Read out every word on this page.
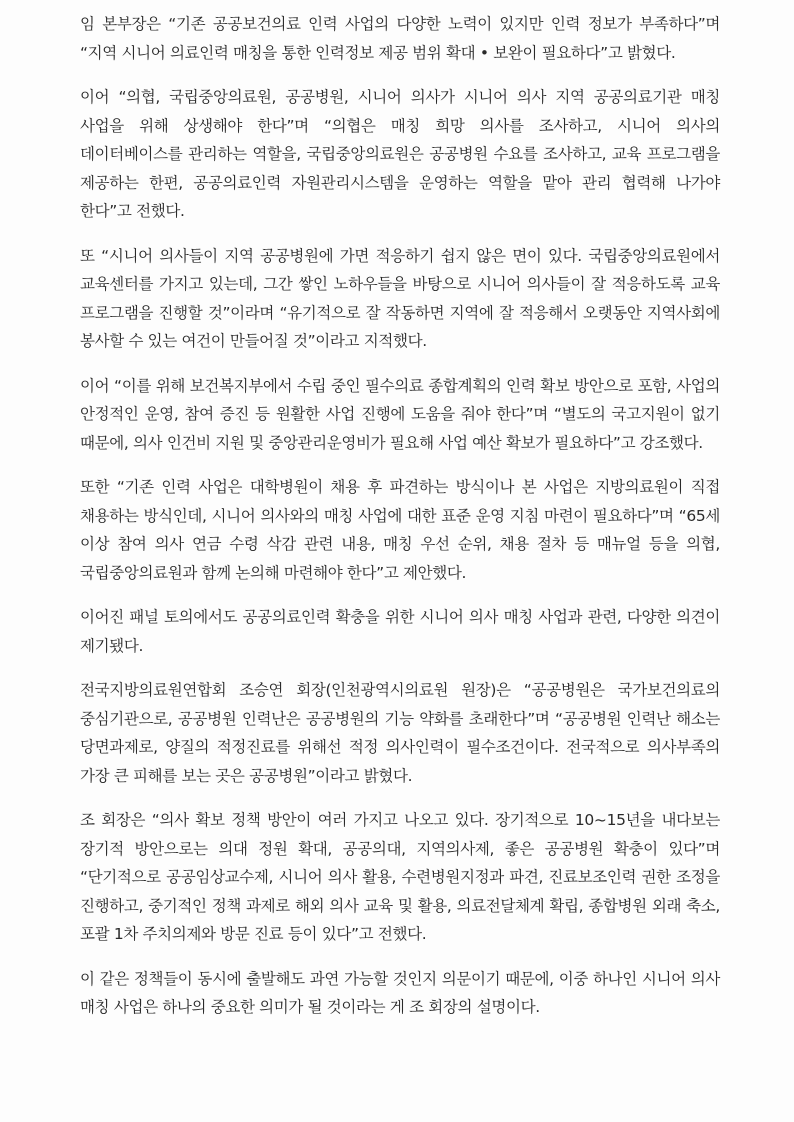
임 본부장은 “기존 공공보건의료 인력 사업의 다양한 노력이 있지만 인력 정보가 부족하다”며 “지역 시니어 의료인력 매칭을 통한 인력정보 제공 범위 확대 • 보완이 필요하다”고 밝혔다.

이어 “의협, 국립중앙의료원, 공공병원, 시니어 의사가 시니어 의사 지역 공공의료기관 매칭 사업을 위해 상생해야 한다”며 “의협은 매칭 희망 의사를 조사하고, 시니어 의사의 데이터베이스를 관리하는 역할을, 국립중앙의료원은 공공병원 수요를 조사하고, 교육 프로그램을 제공하는 한편, 공공의료인력 자원관리시스템을 운영하는 역할을 맡아 관리 협력해 나가야 한다”고 전했다.

또 “시니어 의사들이 지역 공공병원에 가면 적응하기 쉽지 않은 면이 있다. 국립중앙의료원에서 교육센터를 가지고 있는데, 그간 쌓인 노하우들을 바탕으로 시니어 의사들이 잘 적응하도록 교육 프로그램을 진행할 것”이라며 “유기적으로 잘 작동하면 지역에 잘 적응해서 오랫동안 지역사회에 봉사할 수 있는 여건이 만들어질 것”이라고 지적했다.

이어 “이를 위해 보건복지부에서 수립 중인 필수의료 종합계획의 인력 확보 방안으로 포함, 사업의 안정적인 운영, 참여 증진 등 원활한 사업 진행에 도움을 줘야 한다”며 “별도의 국고지원이 없기 때문에, 의사 인건비 지원 및 중앙관리운영비가 필요해 사업 예산 확보가 필요하다”고 강조했다.

또한 “기존 인력 사업은 대학병원이 채용 후 파견하는 방식이나 본 사업은 지방의료원이 직접 채용하는 방식인데, 시니어 의사와의 매칭 사업에 대한 표준 운영 지침 마련이 필요하다”며 “65세 이상 참여 의사 연금 수령 삭감 관련 내용, 매칭 우선 순위, 채용 절차 등 매뉴얼 등을 의협, 국립중앙의료원과 함께 논의해 마련해야 한다”고 제안했다.

이어진 패널 토의에서도 공공의료인력 확충을 위한 시니어 의사 매칭 사업과 관련, 다양한 의견이 제기됐다.

전국지방의료원연합회 조승연 회장(인천광역시의료원 원장)은 “공공병원은 국가보건의료의 중심기관으로, 공공병원 인력난은 공공병원의 기능 약화를 초래한다”며 “공공병원 인력난 해소는 당면과제로, 양질의 적정진료를 위해선 적정 의사인력이 필수조건이다. 전국적으로 의사부족의 가장 큰 피해를 보는 곳은 공공병원”이라고 밝혔다.

조 회장은 “의사 확보 정책 방안이 여러 가지고 나오고 있다. 장기적으로 10~15년을 내다보는 장기적 방안으로는 의대 정원 확대, 공공의대, 지역의사제, 좋은 공공병원 확충이 있다”며 “단기적으로 공공임상교수제, 시니어 의사 활용, 수련병원지정과 파견, 진료보조인력 권한 조정을 진행하고, 중기적인 정책 과제로 해외 의사 교육 및 활용, 의료전달체계 확립, 종합병원 외래 축소, 포괄 1차 주치의제와 방문 진료 등이 있다”고 전했다.

이 같은 정책들이 동시에 출발해도 과연 가능할 것인지 의문이기 때문에, 이중 하나인 시니어 의사 매칭 사업은 하나의 중요한 의미가 될 것이라는 게 조 회장의 설명이다.
